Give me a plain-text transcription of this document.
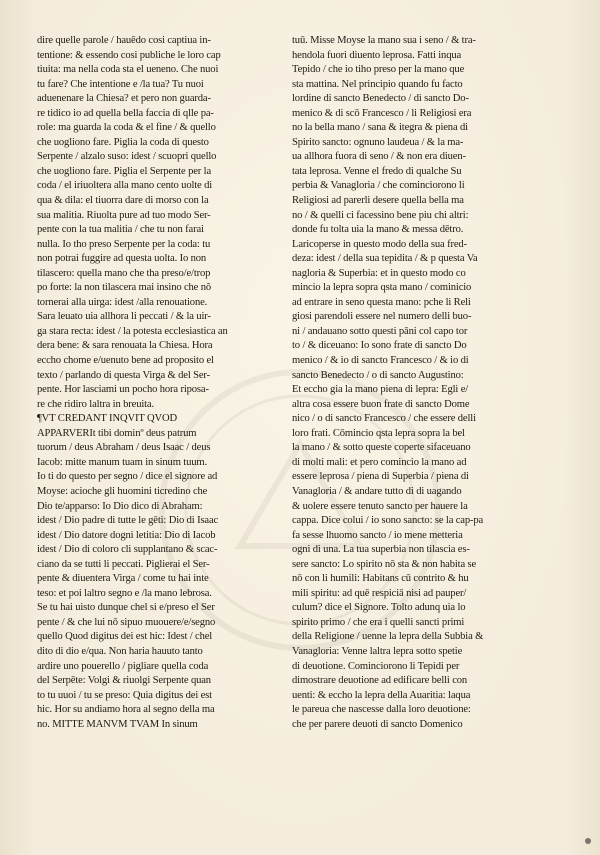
dire quelle parole / hauēdo cosi captiua in-
tentione: & essendo cosi publiche le loro cap
tiuita: ma nella coda sta el ueneno. Che nuoi
tu fare? Che intentione e /la tua? Tu nuoi
aduenenare la Chiesa? et pero non guarda-
re tidico io ad quella bella faccia di qlle pa-
role: ma guarda la coda & el fine / & quello
che uogliono fare. Piglia la coda di questo
Serpente / alzalo suso: idest / scuopri quello
che uogliono fare. Piglia el Serpente per la
coda / el iriuoltera alla mano cento uolte di
qua & dila: el tiuorra dare di morso con la
sua malitia. Riuolta pure ad tuo modo Ser-
pente con la tua malitia / che tu non farai
nulla. Io tho preso Serpente per la coda: tu
non potrai fuggire ad questa uolta. Io non
tilascero: quella mano che tha preso/e/trop
po forte: la non tilascera mai insino che nõ
tornerai alla uirga: idest /alla renouatione.
Sara leuato uia allhora li peccati / & la uir-
ga stara recta: idest / la potesta ecclesiastica an
dera bene: & sara renouata la Chiesa. Hora
eccho chome e/uenuto bene ad proposito el
texto / parlando di questa Virga & del Ser-
pente. Hor lasciami un pocho hora riposa-
re che ridiro laltra in breuita.
¶VT CREDANT INQVIT QVOD
APPARVERIt tibi dominº deus patrum
tuorum / deus Abraham / deus Isaac / deus
Iacob: mitte manum tuam in sinum tuum.
Io ti do questo per segno / dice el signore ad
Moyse: acioche gli huomini ticredino che
Dio te/apparso: Io Dio dico di Abraham:
idest / Dio padre di tutte le gēti: Dio di Isaac
idest / Dio datore dogni letitia: Dio di Iacob
idest / Dio di coloro cli supplantano & scac-
ciano da se tutti li peccati. Piglierai el Ser-
pente & diuentera Virga / come tu hai inte
teso: et poi laltro segno e /la mano lebrosa.
Se tu hai uisto dunque chel si e/preso el Ser
pente / & che lui nō sipuo muouere/e/segno
quello Quod digitus dei est hic: Idest / chel
dito di dio e/qua. Non haria hauuto tanto
ardire uno pouerello / pigliare quella coda
del Serpēte: Volgi & riuolgi Serpente quan
to tu uuoi / tu se preso: Quia digitus dei est
hic. Hor su andiamo hora al segno della ma
no. MITTE MANVM TVAM In sinum
tuū. Misse Moyse la mano sua i seno / & tra-
hendola fuori diuento leprosa. Fatti inqua
Tepido / che io tiho preso per la mano que
sta mattina. Nel principio quando fu facto
lordine di sancto Benedecto / di sancto Do-
menico & di scō Francesco / li Religiosi era
no la bella mano / sana & itegra & piena di
Spirito sancto: ognuno laudeua / & la ma-
ua allhora fuora di seno / & non era diuen-
tata leprosa. Venne el fredo di qualche Su
perbia & Vanagloria / che cominciorono li
Religiosi ad parerli desere quella bella ma
no / & quelli ci facessino bene piu chi altri:
donde fu tolta uia la mano & messa dētro.
Laricoperse in questo modo della sua fred-
deza: idest / della sua tepidita / & p questa Va
nagloria & Superbia: et in questo modo co
mincio la lepra sopra qsta mano / cominicio
ad entrare in seno questa mano: pche li Reli
giosi parendoli essere nel numero delli buo-
ni / andauano sotto questi pāni col capo tor
to / & diceuano: Io sono frate di sancto Do
menico / & io di sancto Francesco / & io di
sancto Benedecto / o di sancto Augustino:
Et eccho gia la mano piena di lepra: Egli e/
altra cosa essere buon frate di sancto Dome
nico / o di sancto Francesco / che essere delli
loro frati. Cōmincio qsta lepra sopra la bel
la mano / & sotto queste coperte sifaceuano
di molti mali: et pero comincio la mano ad
essere leprosa / piena di Superbia / piena di
Vanagloria / & andare tutto di di uagando
& uolere essere tenuto sancto per hauere la
cappa. Dice colui / io sono sancto: se la cap-pa
fa sesse lhuomo sancto / io mene metteria
ogni di una. La tua superbia non tilascia es-
sere sancto: Lo spirito nō sta & non habita se
nō con li humili: Habitans cū contrito & hu
mili spiritu: ad quē respiciā nisi ad pauper/
culum? dice el Signore. Tolto adunq uia lo
spirito primo / che era i quelli sancti primi
della Religione / uenne la lepra della Subbia &
Vanagloria: Venne laltra lepra sotto spetie
di deuotione. Cominciorono li Tepidi per
dimostrare deuotione ad edificare belli con
uenti: & eccho la lepra della Auaritia: laqua
le pareua che nascesse dalla loro deuotione:
che per parere deuoti di sancto Domenico
